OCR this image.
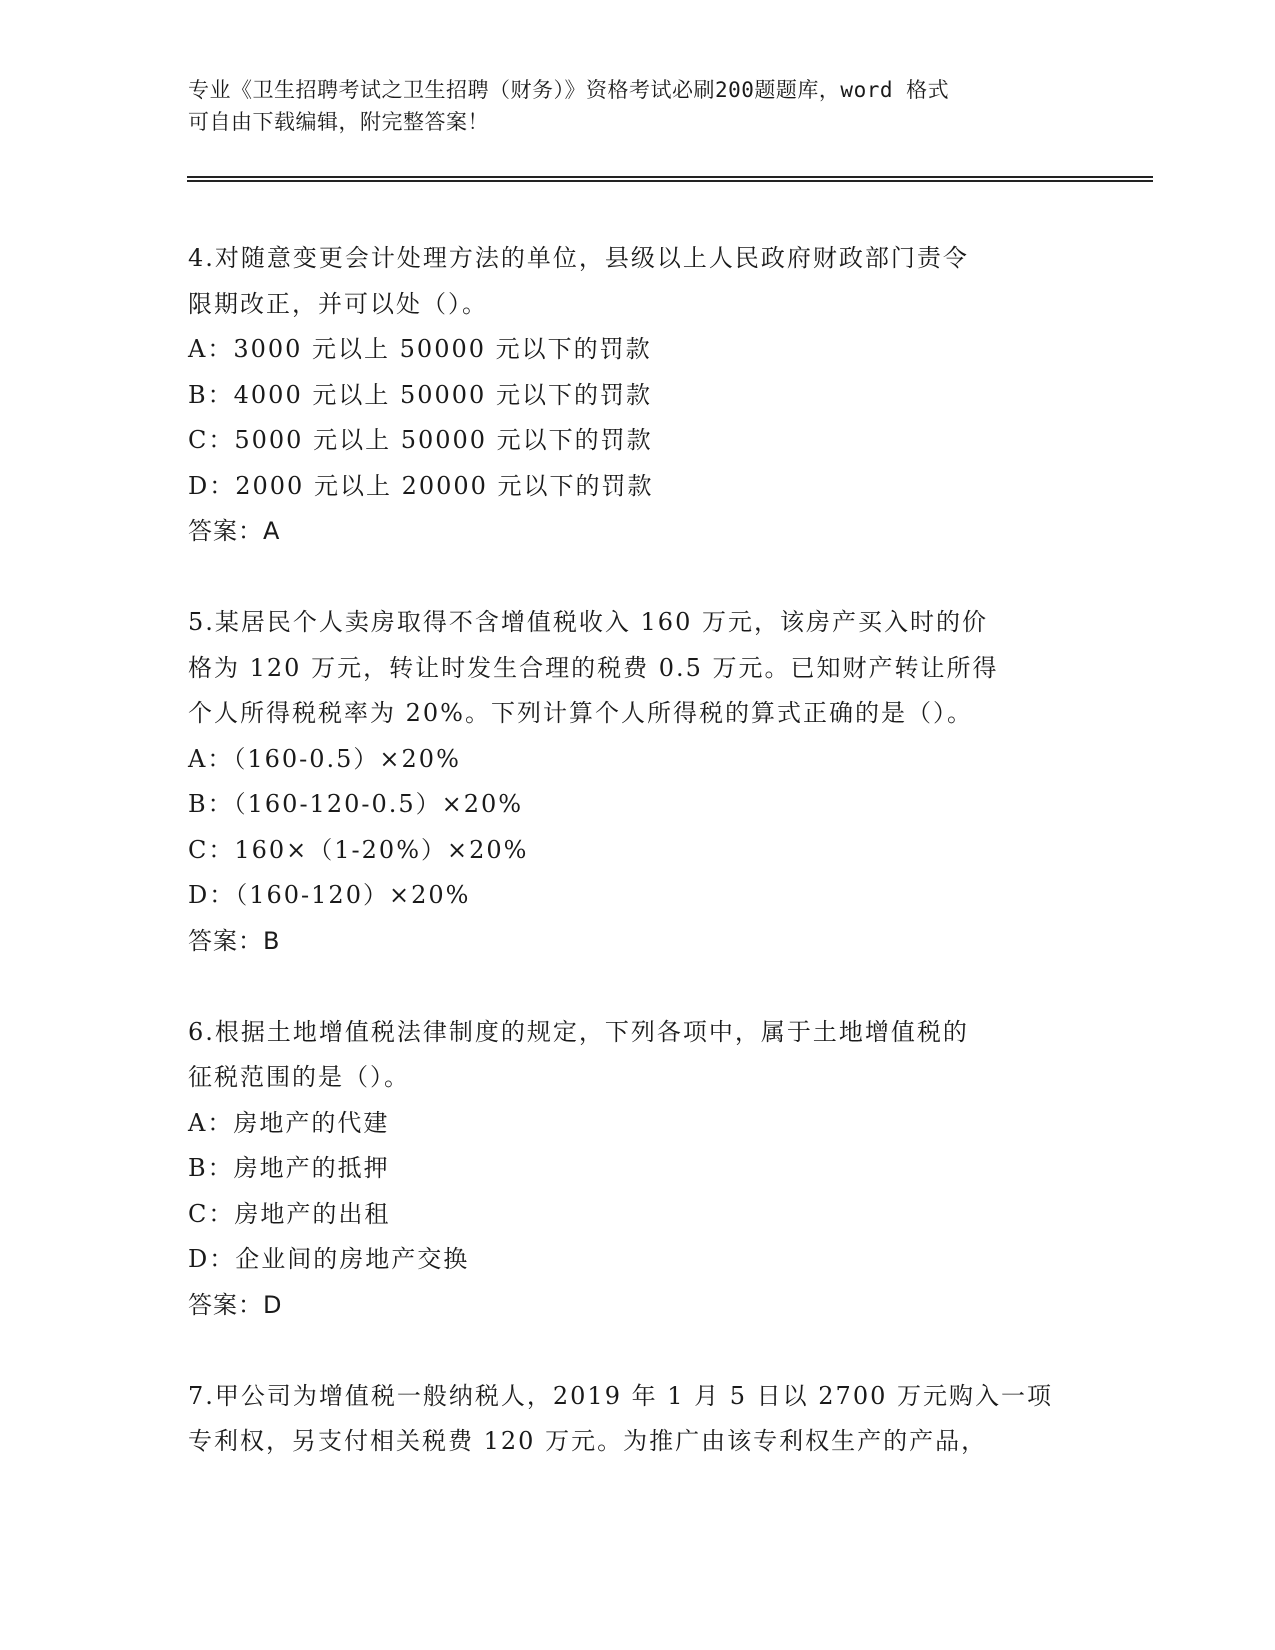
专业《卫生招聘考试之卫生招聘（财务）》资格考试必刷200题题库，word 格式
可自由下载编辑，附完整答案！
4.对随意变更会计处理方法的单位，县级以上人民政府财政部门责令
限期改正，并可以处（）。
A：3000 元以上 50000 元以下的罚款
B：4000 元以上 50000 元以下的罚款
C：5000 元以上 50000 元以下的罚款
D：2000 元以上 20000 元以下的罚款
答案：A
5.某居民个人卖房取得不含增值税收入 160 万元，该房产买入时的价
格为 120 万元，转让时发生合理的税费 0.5 万元。已知财产转让所得
个人所得税税率为 20%。下列计算个人所得税的算式正确的是（）。
A：（160-0.5）×20%
B：（160-120-0.5）×20%
C：160×（1-20%）×20%
D：（160-120）×20%
答案：B
6.根据土地增值税法律制度的规定，下列各项中，属于土地增值税的
征税范围的是（）。
A：房地产的代建
B：房地产的抵押
C：房地产的出租
D：企业间的房地产交换
答案：D
7.甲公司为增值税一般纳税人，2019 年 1 月 5 日以 2700 万元购入一项
专利权，另支付相关税费 120 万元。为推广由该专利权生产的产品，
